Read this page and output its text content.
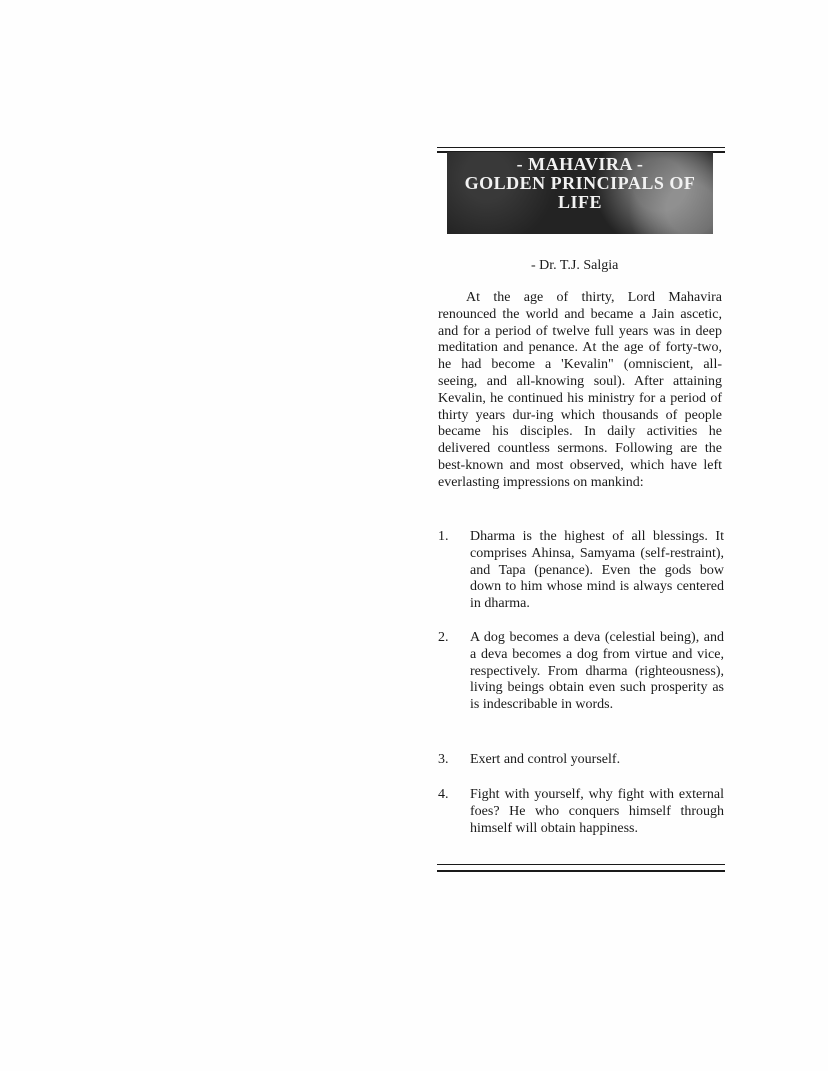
- MAHAVIRA -
GOLDEN PRINCIPALS OF
LIFE
- Dr. T.J. Salgia

At the age of thirty, Lord Mahavira renounced the world and became a Jain ascetic, and for a period of twelve full years was in deep meditation and penance. At the age of forty-two, he had become a 'Kevalin" (omniscient, all- seeing, and all-knowing soul). After attaining Kevalin, he continued his ministry for a period of thirty years dur-ing which thousands of people became his disciples. In daily activities he delivered countless sermons. Following are the best-known and most observed, which have left everlasting impressions on mankind:

1.	Dharma is the highest of all blessings. It comprises Ahinsa, Samyama (self-restraint), and Tapa (penance). Even the gods bow down to him whose mind is always centered in dharma.
2.	A dog becomes a deva (celestial being), and a deva becomes a dog from virtue and vice, respectively. From dharma (righteousness), living beings obtain even such prosperity as is indescribable in words.
3.	Exert and control yourself.
4.	Fight with yourself, why fight with external foes? He who conquers himself through himself will obtain happiness.
